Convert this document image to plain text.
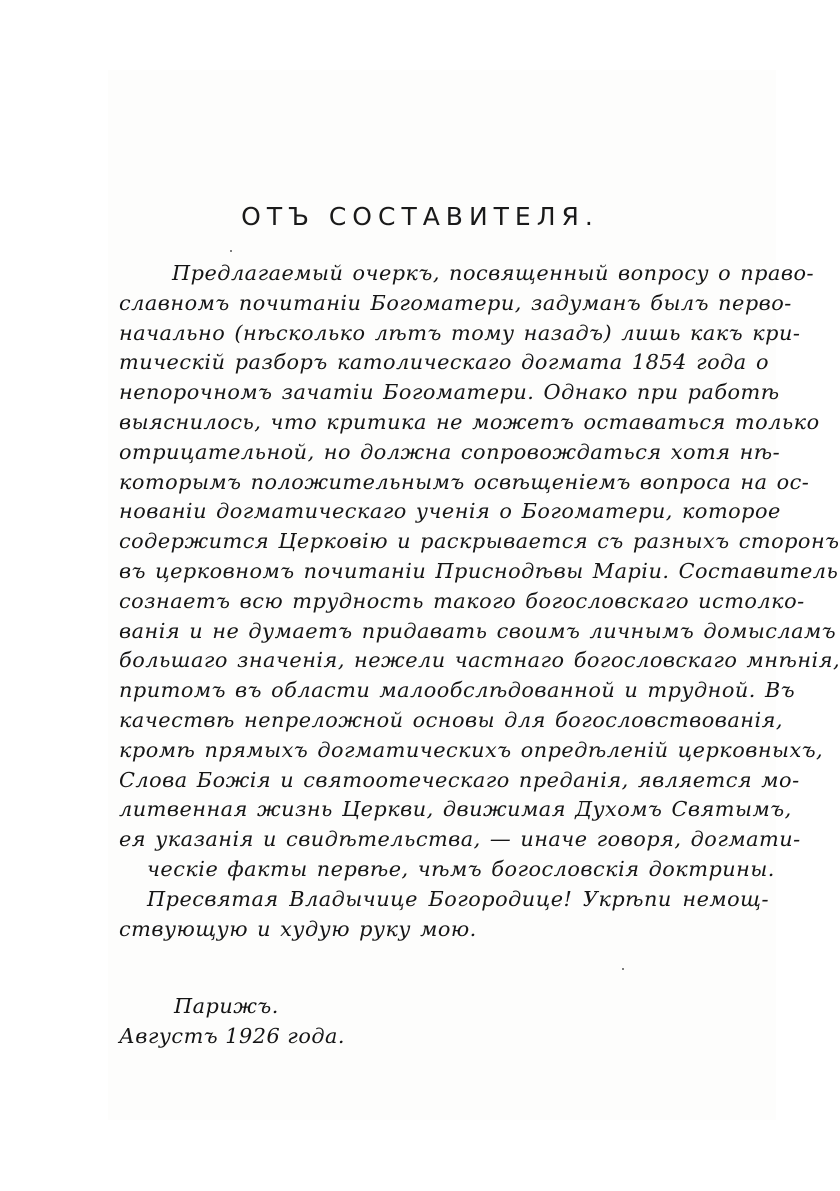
ОТЪ СОСТАВИТЕЛЯ.
Предлагаемый очеркъ, посвященный вопросу о право-
славномъ почитаніи Богоматери, задуманъ былъ перво-
начально (нѣсколько лѣтъ тому назадъ) лишь какъ кри-
тическій разборъ католическаго догмата 1854 года о
непорочномъ зачатіи Богоматери. Однако при работѣ
выяснилось, что критика не можетъ оставаться только
отрицательной, но должна сопровождаться хотя нѣ-
которымъ положительнымъ освѣщеніемъ вопроса на ос-
нованіи догматическаго ученія о Богоматери, которое
содержится Церковію и раскрывается съ разныхъ сторонъ
въ церковномъ почитаніи Приснодѣвы Маріи. Составитель
сознаетъ всю трудность такого богословскаго истолко-
ванія и не думаетъ придавать своимъ личнымъ домысламъ
большаго значенія, нежели частнаго богословскаго мнѣнія,
притомъ въ области малообслѣдованной и трудной. Въ
качествѣ непреложной основы для богословствованія,
кромѣ прямыхъ догматическихъ опредѣленій церковныхъ,
Слова Божія и святоотеческаго преданія, является мо-
литвенная жизнь Церкви, движимая Духомъ Святымъ,
ея указанія и свидѣтельства, — иначе говоря, догмати-
ческіе факты первѣе, чѣмъ богословскія доктрины.
Пресвятая Владычице Богородице! Укрѣпи немощ-
ствующую и худую руку мою.
Парижъ.
Августъ 1926 года.
